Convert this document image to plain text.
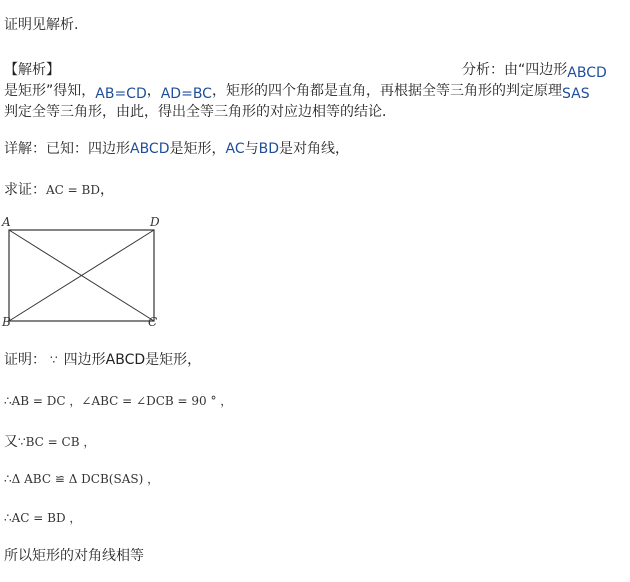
证明见解析.
【解析】	分析：由“四边形ABCD
是矩形”得知，AB=CD，AD=BC，矩形的四个角都是直角，再根据全等三角形的判定原理SAS
判定全等三角形，由此，得出全等三角形的对应边相等的结论．
详解：已知：四边形ABCD是矩形，AC与BD是对角线，
求证：AC = BD，
A	D
B	C
证明： ∵ 四边形ABCD是矩形，
∴AB = DC ，∠ABC = ∠DCB = 90 ° ，
又∵BC = CB ，
∴Δ ABC ≌ Δ DCB(SAS) ，
∴AC = BD ，
所以矩形的对角线相等
